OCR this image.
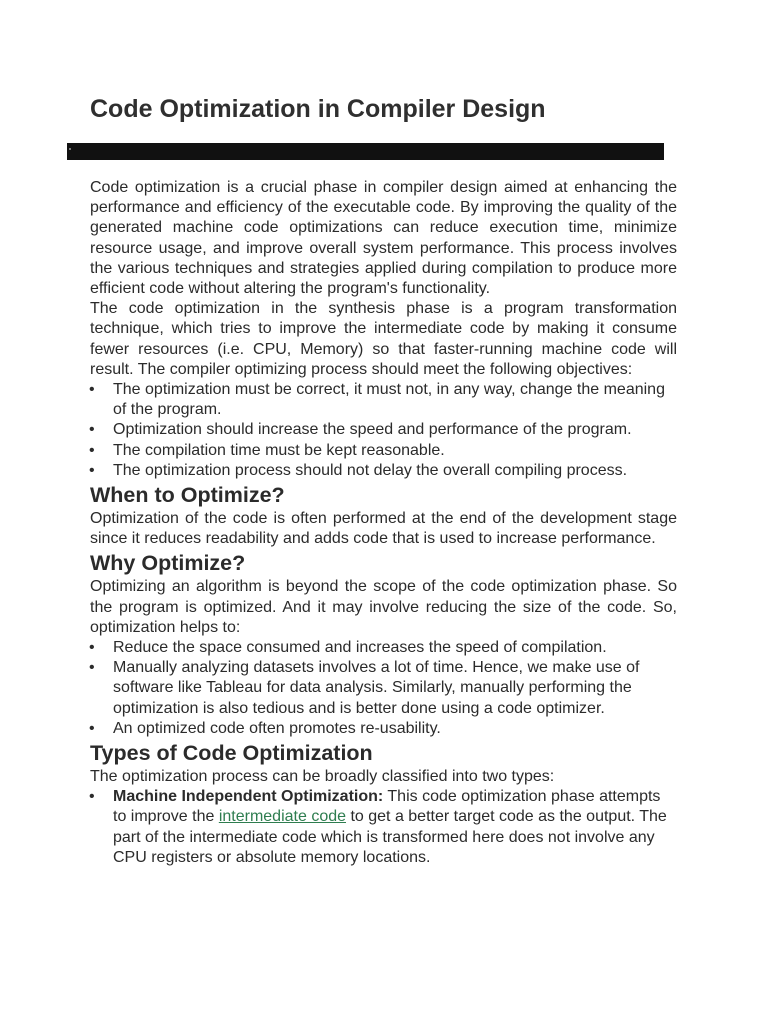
Code Optimization in Compiler Design

Code optimization is a crucial phase in compiler design aimed at enhancing the performance and efficiency of the executable code. By improving the quality of the generated machine code optimizations can reduce execution time, minimize resource usage, and improve overall system performance. This process involves the various techniques and strategies applied during compilation to produce more efficient code without altering the program's functionality.

The code optimization in the synthesis phase is a program transformation technique, which tries to improve the intermediate code by making it consume fewer resources (i.e. CPU, Memory) so that faster-running machine code will result. The compiler optimizing process should meet the following objectives:

• The optimization must be correct, it must not, in any way, change the meaning of the program.
• Optimization should increase the speed and performance of the program.
• The compilation time must be kept reasonable.
• The optimization process should not delay the overall compiling process.
When to Optimize?

Optimization of the code is often performed at the end of the development stage since it reduces readability and adds code that is used to increase performance.

Why Optimize?

Optimizing an algorithm is beyond the scope of the code optimization phase. So the program is optimized. And it may involve reducing the size of the code. So, optimization helps to:

• Reduce the space consumed and increases the speed of compilation.
• Manually analyzing datasets involves a lot of time. Hence, we make use of software like Tableau for data analysis. Similarly, manually performing the optimization is also tedious and is better done using a code optimizer.
• An optimized code often promotes re-usability.
Types of Code Optimization

The optimization process can be broadly classified into two types:

• Machine Independent Optimization: This code optimization phase attempts to improve the intermediate code to get a better target code as the output. The part of the intermediate code which is transformed here does not involve any CPU registers or absolute memory locations.
